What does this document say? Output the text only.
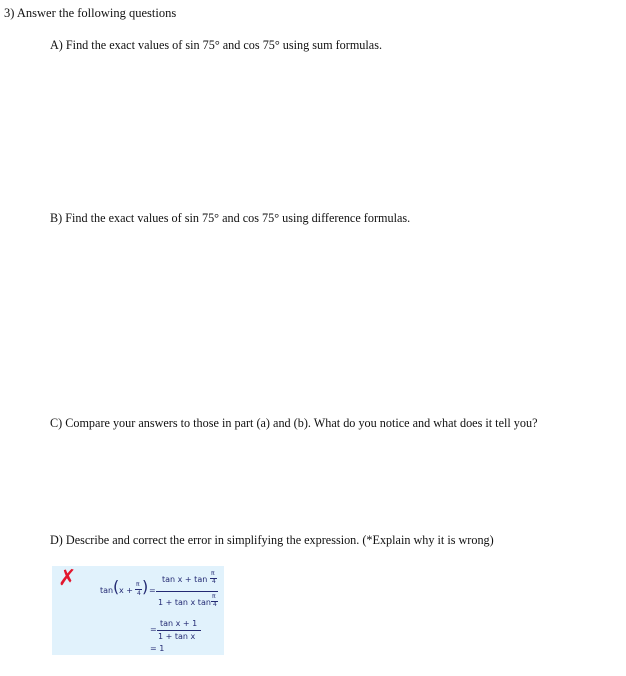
3) Answer the following questions
A) Find the exact values of sin 75° and cos 75° using sum formulas.
B) Find the exact values of sin 75° and cos 75° using difference formulas.
C) Compare your answers to those in part (a) and (b). What do you notice and what does it tell you?
D) Describe and correct the error in simplifying the expression. (*Explain why it is wrong)
✗	tan ( x +
π
4 ) =
tan x + tan
π
4
1 + tan x tan
π
4
=
tan x + 1
1 + tan x
= 1
